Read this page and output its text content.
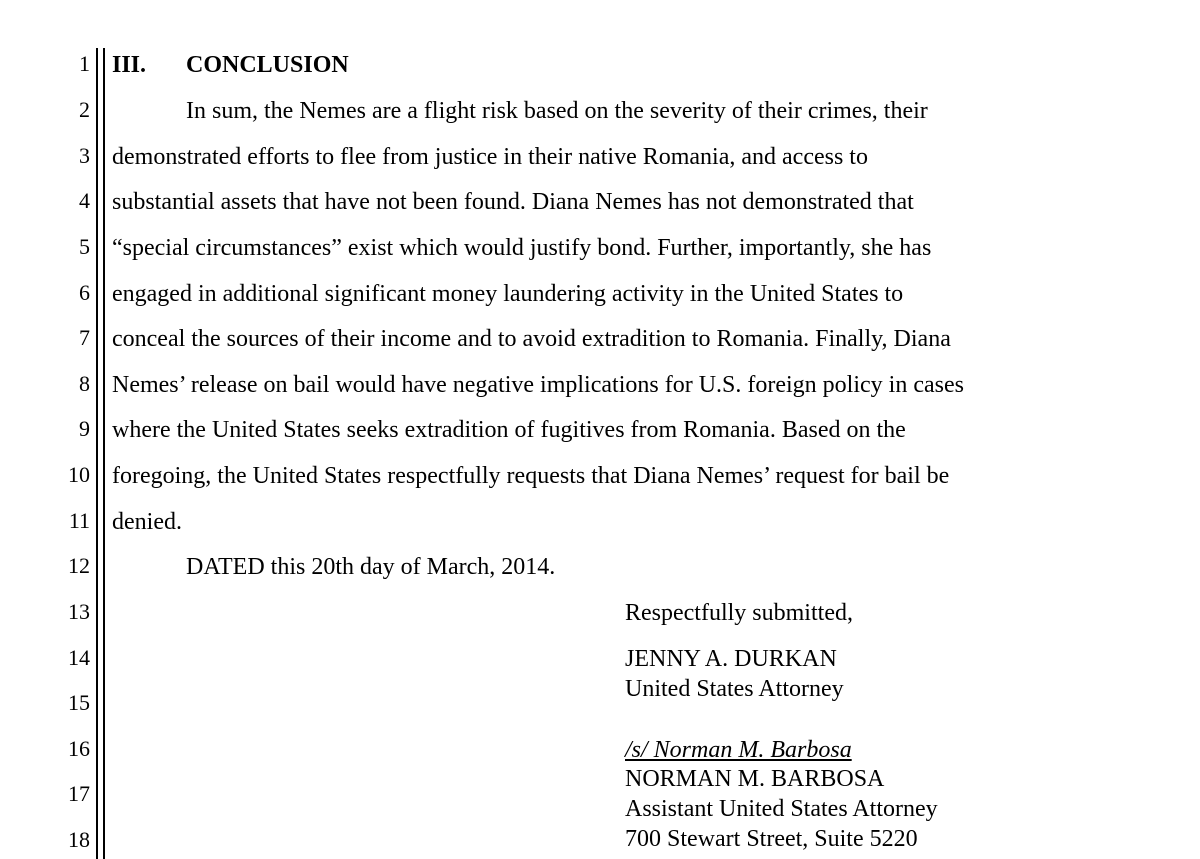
1
2
3
4
5
6
7
8
9
10
11
12
13
14
15
16
17
18
III. CONCLUSION
In sum, the Nemes are a flight risk based on the severity of their crimes, their
demonstrated efforts to flee from justice in their native Romania, and access to
substantial assets that have not been found. Diana Nemes has not demonstrated that
“special circumstances” exist which would justify bond. Further, importantly, she has
engaged in additional significant money laundering activity in the United States to
conceal the sources of their income and to avoid extradition to Romania. Finally, Diana
Nemes’ release on bail would have negative implications for U.S. foreign policy in cases
where the United States seeks extradition of fugitives from Romania. Based on the
foregoing, the United States respectfully requests that Diana Nemes’ request for bail be
denied.
DATED this 20th day of March, 2014.
Respectfully submitted,
JENNY A. DURKAN
United States Attorney
/s/ Norman M. Barbosa
NORMAN M. BARBOSA
Assistant United States Attorney
700 Stewart Street, Suite 5220
